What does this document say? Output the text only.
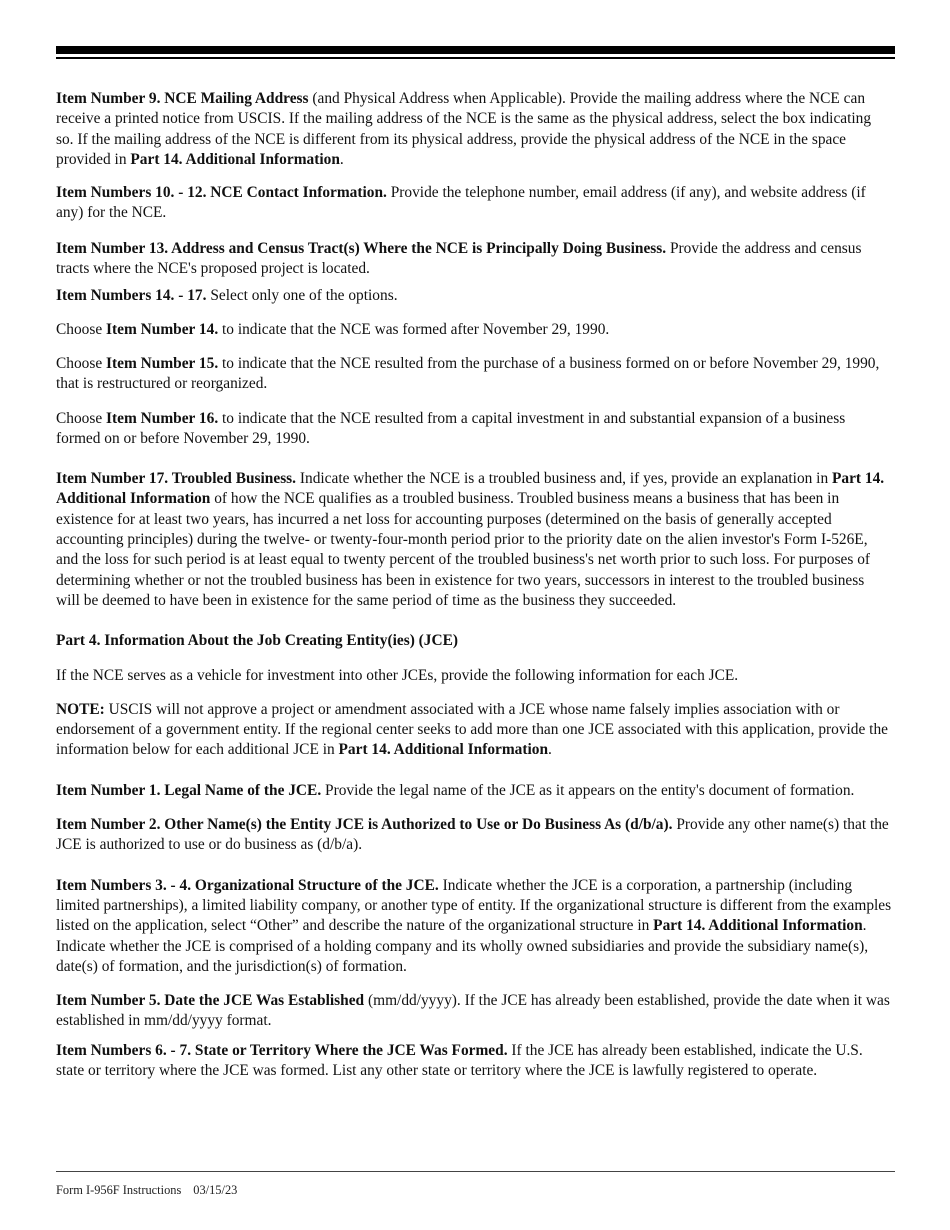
Item Number 9. NCE Mailing Address (and Physical Address when Applicable). Provide the mailing address where the NCE can receive a printed notice from USCIS. If the mailing address of the NCE is the same as the physical address, select the box indicating so. If the mailing address of the NCE is different from its physical address, provide the physical address of the NCE in the space provided in Part 14. Additional Information.

Item Numbers 10. - 12. NCE Contact Information. Provide the telephone number, email address (if any), and website address (if any) for the NCE.

Item Number 13. Address and Census Tract(s) Where the NCE is Principally Doing Business. Provide the address and census tracts where the NCE's proposed project is located.

Item Numbers 14. - 17. Select only one of the options.

Choose Item Number 14. to indicate that the NCE was formed after November 29, 1990.

Choose Item Number 15. to indicate that the NCE resulted from the purchase of a business formed on or before November 29, 1990, that is restructured or reorganized.

Choose Item Number 16. to indicate that the NCE resulted from a capital investment in and substantial expansion of a business formed on or before November 29, 1990.

Item Number 17. Troubled Business. Indicate whether the NCE is a troubled business and, if yes, provide an explanation in Part 14. Additional Information of how the NCE qualifies as a troubled business. Troubled business means a business that has been in existence for at least two years, has incurred a net loss for accounting purposes (determined on the basis of generally accepted accounting principles) during the twelve- or twenty-four-month period prior to the priority date on the alien investor's Form I-526E, and the loss for such period is at least equal to twenty percent of the troubled business's net worth prior to such loss. For purposes of determining whether or not the troubled business has been in existence for two years, successors in interest to the troubled business will be deemed to have been in existence for the same period of time as the business they succeeded.

Part 4. Information About the Job Creating Entity(ies) (JCE)

If the NCE serves as a vehicle for investment into other JCEs, provide the following information for each JCE.

NOTE: USCIS will not approve a project or amendment associated with a JCE whose name falsely implies association with or endorsement of a government entity. If the regional center seeks to add more than one JCE associated with this application, provide the information below for each additional JCE in Part 14. Additional Information.

Item Number 1. Legal Name of the JCE. Provide the legal name of the JCE as it appears on the entity's document of formation.

Item Number 2. Other Name(s) the Entity JCE is Authorized to Use or Do Business As (d/b/a). Provide any other name(s) that the JCE is authorized to use or do business as (d/b/a).

Item Numbers 3. - 4. Organizational Structure of the JCE. Indicate whether the JCE is a corporation, a partnership (including limited partnerships), a limited liability company, or another type of entity. If the organizational structure is different from the examples listed on the application, select “Other” and describe the nature of the organizational structure in Part 14. Additional Information. Indicate whether the JCE is comprised of a holding company and its wholly owned subsidiaries and provide the subsidiary name(s), date(s) of formation, and the jurisdiction(s) of formation.

Item Number 5. Date the JCE Was Established (mm/dd/yyyy). If the JCE has already been established, provide the date when it was established in mm/dd/yyyy format.

Item Numbers 6. - 7. State or Territory Where the JCE Was Formed. If the JCE has already been established, indicate the U.S. state or territory where the JCE was formed. List any other state or territory where the JCE is lawfully registered to operate.

Form I-956F Instructions 03/15/23
